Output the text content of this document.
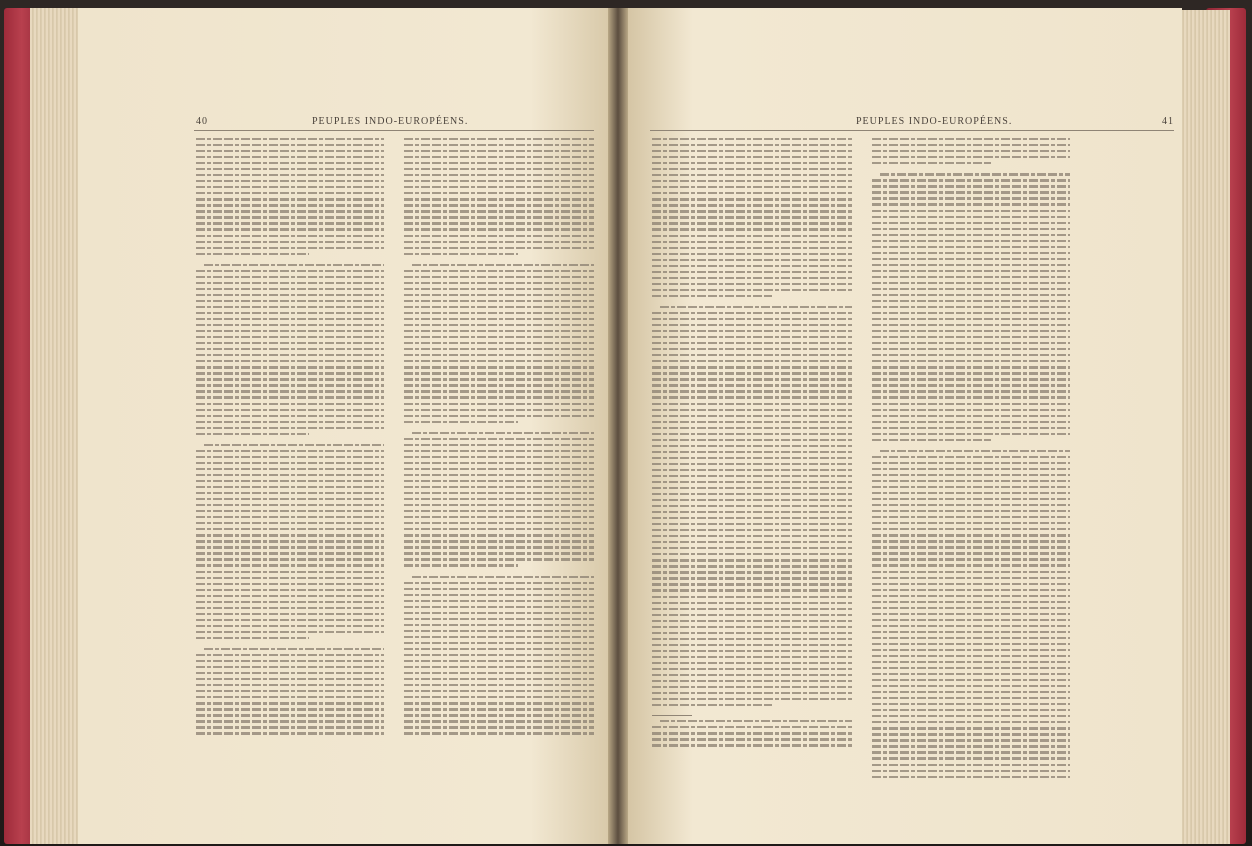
40	PEUPLES INDO-EUROPÉENS.	PEUPLES INDO-EUROPÉENS.	41
